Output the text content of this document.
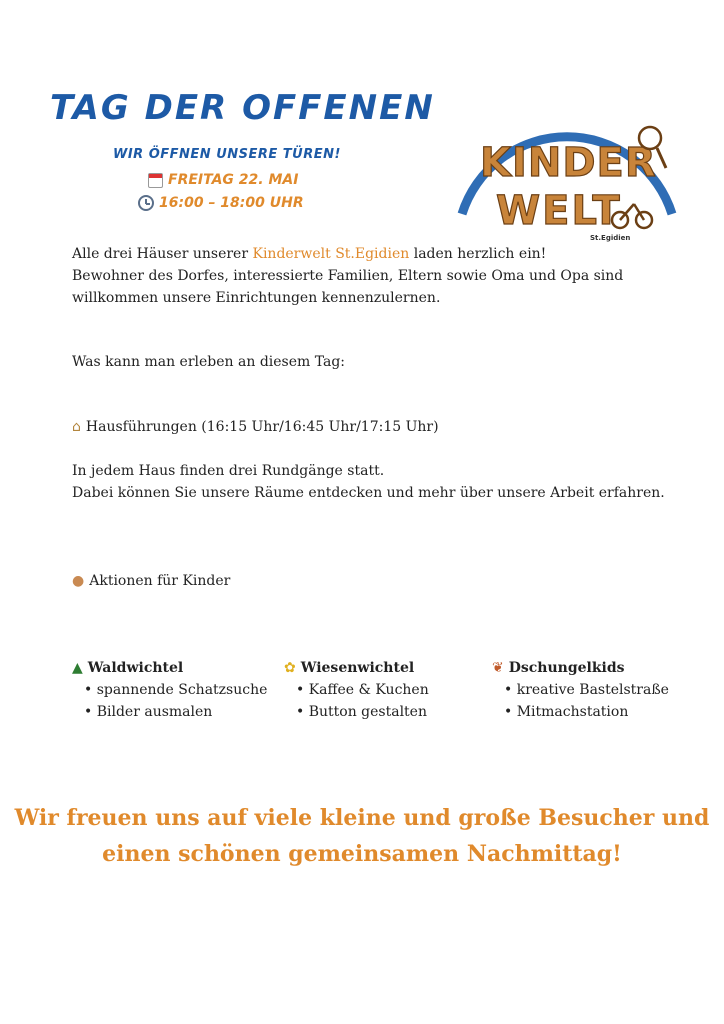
TAG DER OFFENEN
WIR ÖFFNEN UNSERE TÜREN!
FREITAG 22. MAI
16:00 – 18:00 UHR
KINDER
WELT
St.Egidien
Alle drei Häuser unserer Kinderwelt St.Egidien laden herzlich ein!
Bewohner des Dorfes, interessierte Familien, Eltern sowie Oma und Opa sind
willkommen unsere Einrichtungen kennenzulernen.
Was kann man erleben an diesem Tag:
⌂ Hausführungen (16:15 Uhr/16:45 Uhr/17:15 Uhr)
In jedem Haus finden drei Rundgänge statt.
Dabei können Sie unsere Räume entdecken und mehr über unsere Arbeit erfahren.
● Aktionen für Kinder
▲ Waldwichtel
• spannende Schatzsuche
• Bilder ausmalen
✿ Wiesenwichtel
• Kaffee & Kuchen
• Button gestalten
❦ Dschungelkids
• kreative Bastelstraße
• Mitmachstation
Wir freuen uns auf viele kleine und große Besucher und
einen schönen gemeinsamen Nachmittag!
